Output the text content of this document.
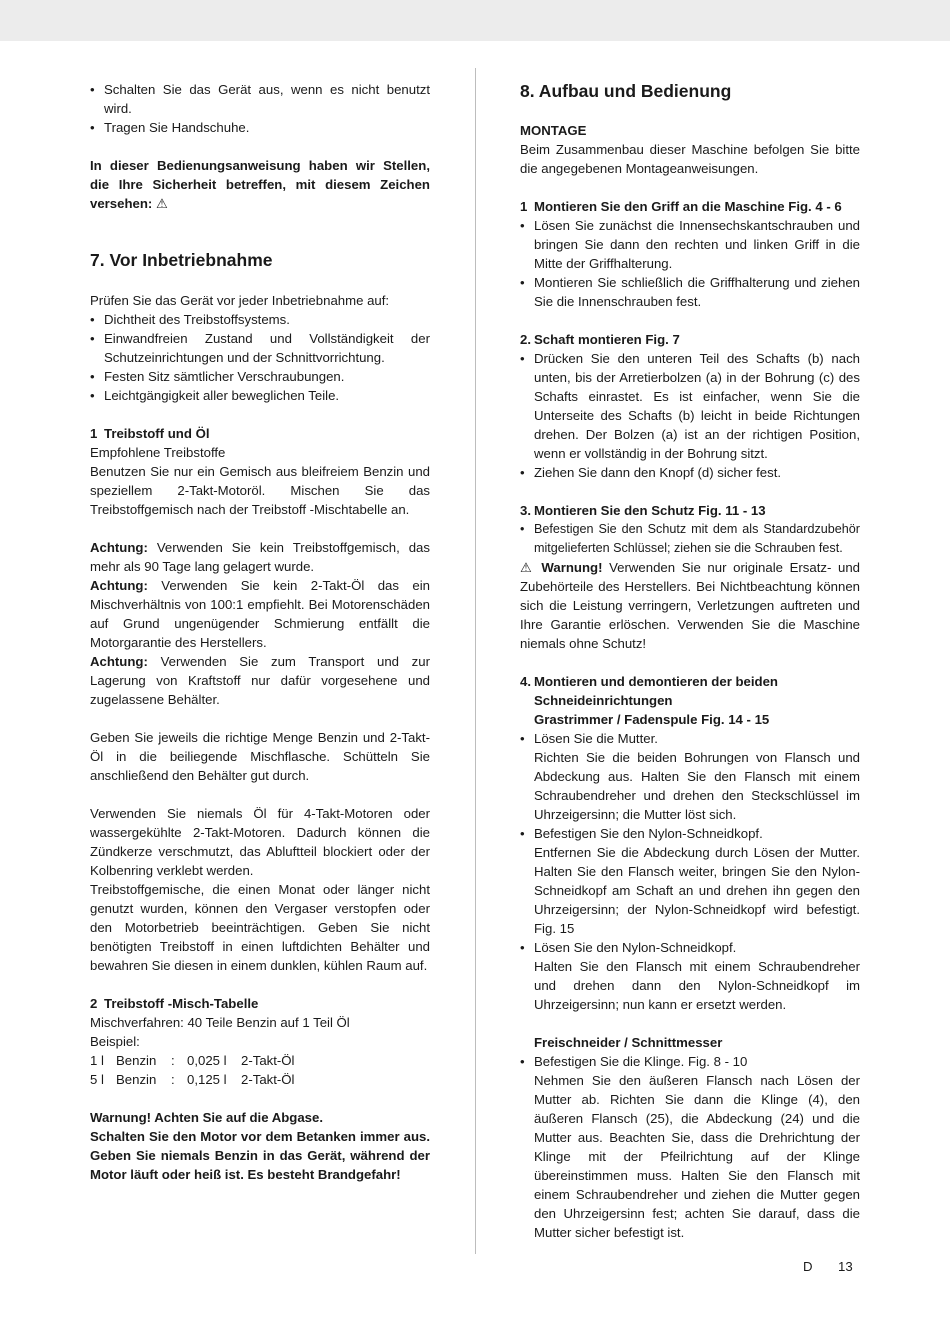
• Schalten Sie das Gerät aus, wenn es nicht benutzt wird.

• Tragen Sie Handschuhe.

In dieser Bedienungsanweisung haben wir Stellen, die Ihre Sicherheit betreffen, mit diesem Zeichen versehen: ⚠

7. Vor Inbetriebnahme

Prüfen Sie das Gerät vor jeder Inbetriebnahme auf:

• Dichtheit des Treibstoffsystems.

• Einwandfreien Zustand und Vollständigkeit der Schutzeinrichtungen und der Schnittvorrichtung.

• Festen Sitz sämtlicher Verschraubungen.

• Leichtgängigkeit aller beweglichen Teile.

1 Treibstoff und Öl

Empfohlene Treibstoffe

Benutzen Sie nur ein Gemisch aus bleifreiem Benzin und speziellem 2-Takt-Motoröl. Mischen Sie das Treibstoffgemisch nach der Treibstoff -Mischtabelle an.

Achtung: Verwenden Sie kein Treibstoffgemisch, das mehr als 90 Tage lang gelagert wurde.

Achtung: Verwenden Sie kein 2-Takt-Öl das ein Mischverhältnis von 100:1 empfiehlt. Bei Motorenschäden auf Grund ungenügender Schmierung entfällt die Motorgarantie des Herstellers.

Achtung: Verwenden Sie zum Transport und zur Lagerung von Kraftstoff nur dafür vorgesehene und zugelassene Behälter.

Geben Sie jeweils die richtige Menge Benzin und 2-Takt-Öl in die beiliegende Mischflasche. Schütteln Sie anschließend den Behälter gut durch.

Verwenden Sie niemals Öl für 4-Takt-Motoren oder wassergekühlte 2-Takt-Motoren. Dadurch können die Zündkerze verschmutzt, das Abluftteil blockiert oder der Kolbenring verklebt werden.

Treibstoffgemische, die einen Monat oder länger nicht genutzt wurden, können den Vergaser verstopfen oder den Motorbetrieb beeinträchtigen. Geben Sie nicht benötigten Treibstoff in einen luftdichten Behälter und bewahren Sie diesen in einem dunklen, kühlen Raum auf.

2 Treibstoff -Misch-Tabelle

Mischverfahren: 40 Teile Benzin auf 1 Teil Öl

Beispiel:

1 l Benzin	: 0,025 l	2-Takt-Öl
5 l Benzin	: 0,125 l	2-Takt-Öl

Warnung! Achten Sie auf die Abgase.

Schalten Sie den Motor vor dem Betanken immer aus. Geben Sie niemals Benzin in das Gerät, während der Motor läuft oder heiß ist. Es besteht Brandgefahr!

8. Aufbau und Bedienung

MONTAGE

Beim Zusammenbau dieser Maschine befolgen Sie bitte die angegebenen Montageanweisungen.

1 Montieren Sie den Griff an die Maschine Fig. 4 - 6

• Lösen Sie zunächst die Innensechskantschrauben und bringen Sie dann den rechten und linken Griff in die Mitte der Griffhalterung.

• Montieren Sie schließlich die Griffhalterung und ziehen Sie die Innenschrauben fest.

2. Schaft montieren Fig. 7

• Drücken Sie den unteren Teil des Schafts (b) nach unten, bis der Arretierbolzen (a) in der Bohrung (c) des Schafts einrastet. Es ist einfacher, wenn Sie die Unterseite des Schafts (b) leicht in beide Richtungen drehen. Der Bolzen (a) ist an der richtigen Position, wenn er vollständig in der Bohrung sitzt.

• Ziehen Sie dann den Knopf (d) sicher fest.

3. Montieren Sie den Schutz Fig. 11 - 13

• Befestigen Sie den Schutz mit dem als Standardzubehör mitgelieferten Schlüssel; ziehen sie die Schrauben fest.

⚠ Warnung! Verwenden Sie nur originale Ersatz- und Zubehörteile des Herstellers. Bei Nichtbeachtung können sich die Leistung verringern, Verletzungen auftreten und Ihre Garantie erlöschen. Verwenden Sie die Maschine niemals ohne Schutz!

4. Montieren und demontieren der beiden Schneideinrichtungen

Grastrimmer / Fadenspule Fig. 14 - 15

• Lösen Sie die Mutter.

Richten Sie die beiden Bohrungen von Flansch und Abdeckung aus. Halten Sie den Flansch mit einem Schraubendreher und drehen den Steckschlüssel im Uhrzeigersinn; die Mutter löst sich.

• Befestigen Sie den Nylon-Schneidkopf.

Entfernen Sie die Abdeckung durch Lösen der Mutter. Halten Sie den Flansch weiter, bringen Sie den Nylon-Schneidkopf am Schaft an und drehen ihn gegen den Uhrzeigersinn; der Nylon-Schneidkopf wird befestigt. Fig. 15

• Lösen Sie den Nylon-Schneidkopf.

Halten Sie den Flansch mit einem Schraubendreher und drehen dann den Nylon-Schneidkopf im Uhrzeigersinn; nun kann er ersetzt werden.

Freischneider / Schnittmesser

• Befestigen Sie die Klinge. Fig. 8 - 10

Nehmen Sie den äußeren Flansch nach Lösen der Mutter ab. Richten Sie dann die Klinge (4), den äußeren Flansch (25), die Abdeckung (24) und die Mutter aus. Beachten Sie, dass die Drehrichtung der Klinge mit der Pfeilrichtung auf der Klinge übereinstimmen muss. Halten Sie den Flansch mit einem Schraubendreher und ziehen die Mutter gegen den Uhrzeigersinn fest; achten Sie darauf, dass die Mutter sicher befestigt ist.

D 13
